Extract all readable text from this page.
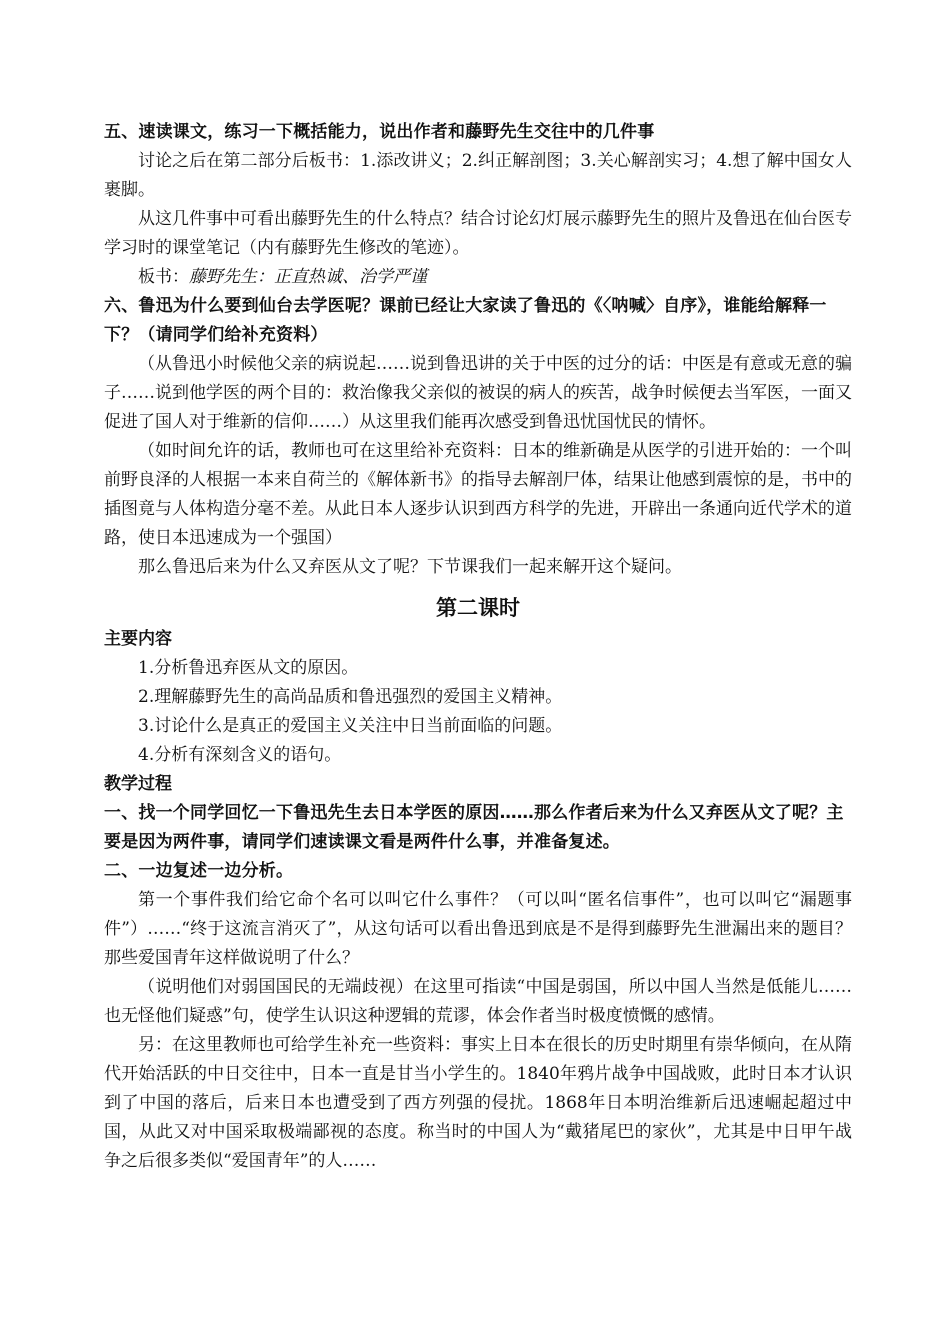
五、速读课文，练习一下概括能力，说出作者和藤野先生交往中的几件事
讨论之后在第二部分后板书：1.添改讲义；2.纠正解剖图；3.关心解剖实习；4.想了解中国女人裹脚。
从这几件事中可看出藤野先生的什么特点？结合讨论幻灯展示藤野先生的照片及鲁迅在仙台医专学习时的课堂笔记（内有藤野先生修改的笔迹）。
板书：藤野先生：正直热诚、治学严谨
六、鲁迅为什么要到仙台去学医呢？课前已经让大家读了鲁迅的《〈呐喊〉自序》，谁能给解释一下？（请同学们给补充资料）
（从鲁迅小时候他父亲的病说起……说到鲁迅讲的关于中医的过分的话：中医是有意或无意的骗子……说到他学医的两个目的：救治像我父亲似的被误的病人的疾苦，战争时候便去当军医，一面又促进了国人对于维新的信仰……）从这里我们能再次感受到鲁迅忧国忧民的情怀。
（如时间允许的话，教师也可在这里给补充资料：日本的维新确是从医学的引进开始的：一个叫前野良泽的人根据一本来自荷兰的《解体新书》的指导去解剖尸体，结果让他感到震惊的是，书中的插图竟与人体构造分毫不差。从此日本人逐步认识到西方科学的先进，开辟出一条通向近代学术的道路，使日本迅速成为一个强国）
那么鲁迅后来为什么又弃医从文了呢？下节课我们一起来解开这个疑问。
第二课时
主要内容
1.分析鲁迅弃医从文的原因。
2.理解藤野先生的高尚品质和鲁迅强烈的爱国主义精神。
3.讨论什么是真正的爱国主义关注中日当前面临的问题。
4.分析有深刻含义的语句。
教学过程
一、找一个同学回忆一下鲁迅先生去日本学医的原因……那么作者后来为什么又弃医从文了呢？主要是因为两件事，请同学们速读课文看是两件什么事，并准备复述。
二、一边复述一边分析。
第一个事件我们给它命个名可以叫它什么事件？（可以叫“匿名信事件”，也可以叫它“漏题事件”）……“终于这流言消灭了”，从这句话可以看出鲁迅到底是不是得到藤野先生泄漏出来的题目？那些爱国青年这样做说明了什么？
（说明他们对弱国国民的无端歧视）在这里可指读“中国是弱国，所以中国人当然是低能儿……也无怪他们疑惑”句，使学生认识这种逻辑的荒谬，体会作者当时极度愤慨的感情。
另：在这里教师也可给学生补充一些资料：事实上日本在很长的历史时期里有崇华倾向，在从隋代开始活跃的中日交往中，日本一直是甘当小学生的。1840年鸦片战争中国战败，此时日本才认识到了中国的落后，后来日本也遭受到了西方列强的侵扰。1868年日本明治维新后迅速崛起超过中国，从此又对中国采取极端鄙视的态度。称当时的中国人为“戴猪尾巴的家伙”，尤其是中日甲午战争之后很多类似“爱国青年”的人……
